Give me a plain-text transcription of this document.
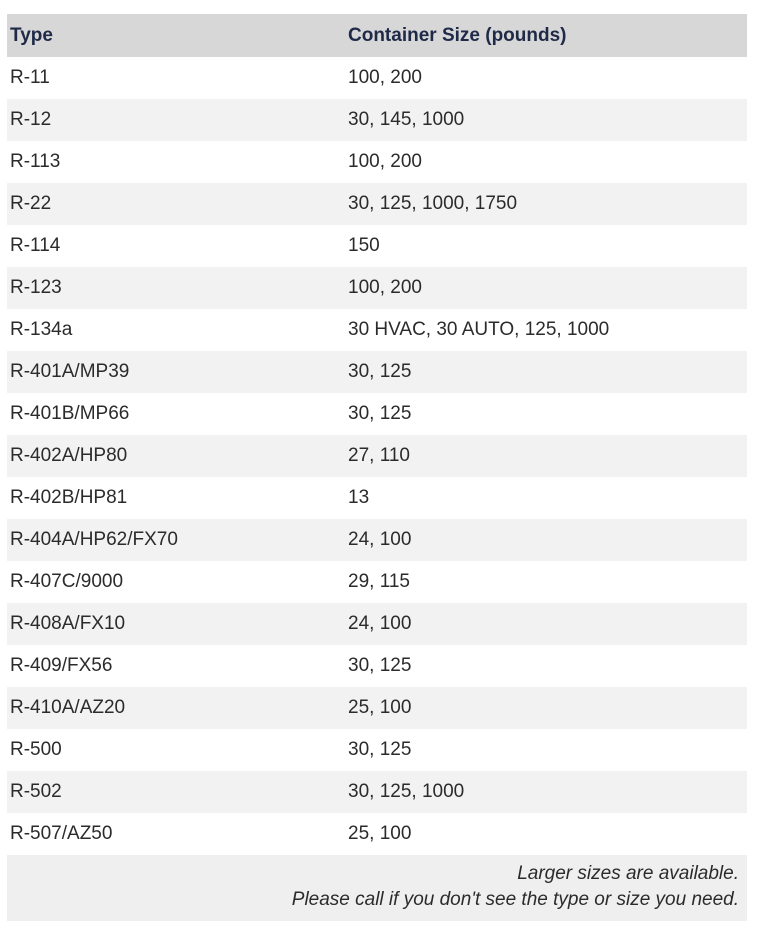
Type	Container Size (pounds)
R-11	100, 200
R-12	30, 145, 1000
R-113	100, 200
R-22	30, 125, 1000, 1750
R-114	150
R-123	100, 200
R-134a	30 HVAC, 30 AUTO, 125, 1000
R-401A/MP39	30, 125
R-401B/MP66	30, 125
R-402A/HP80	27, 110
R-402B/HP81	13
R-404A/HP62/FX70	24, 100
R-407C/9000	29, 115
R-408A/FX10	24, 100
R-409/FX56	30, 125
R-410A/AZ20	25, 100
R-500	30, 125
R-502	30, 125, 1000
R-507/AZ50	25, 100
Larger sizes are available.
Please call if you don't see the type or size you need.
